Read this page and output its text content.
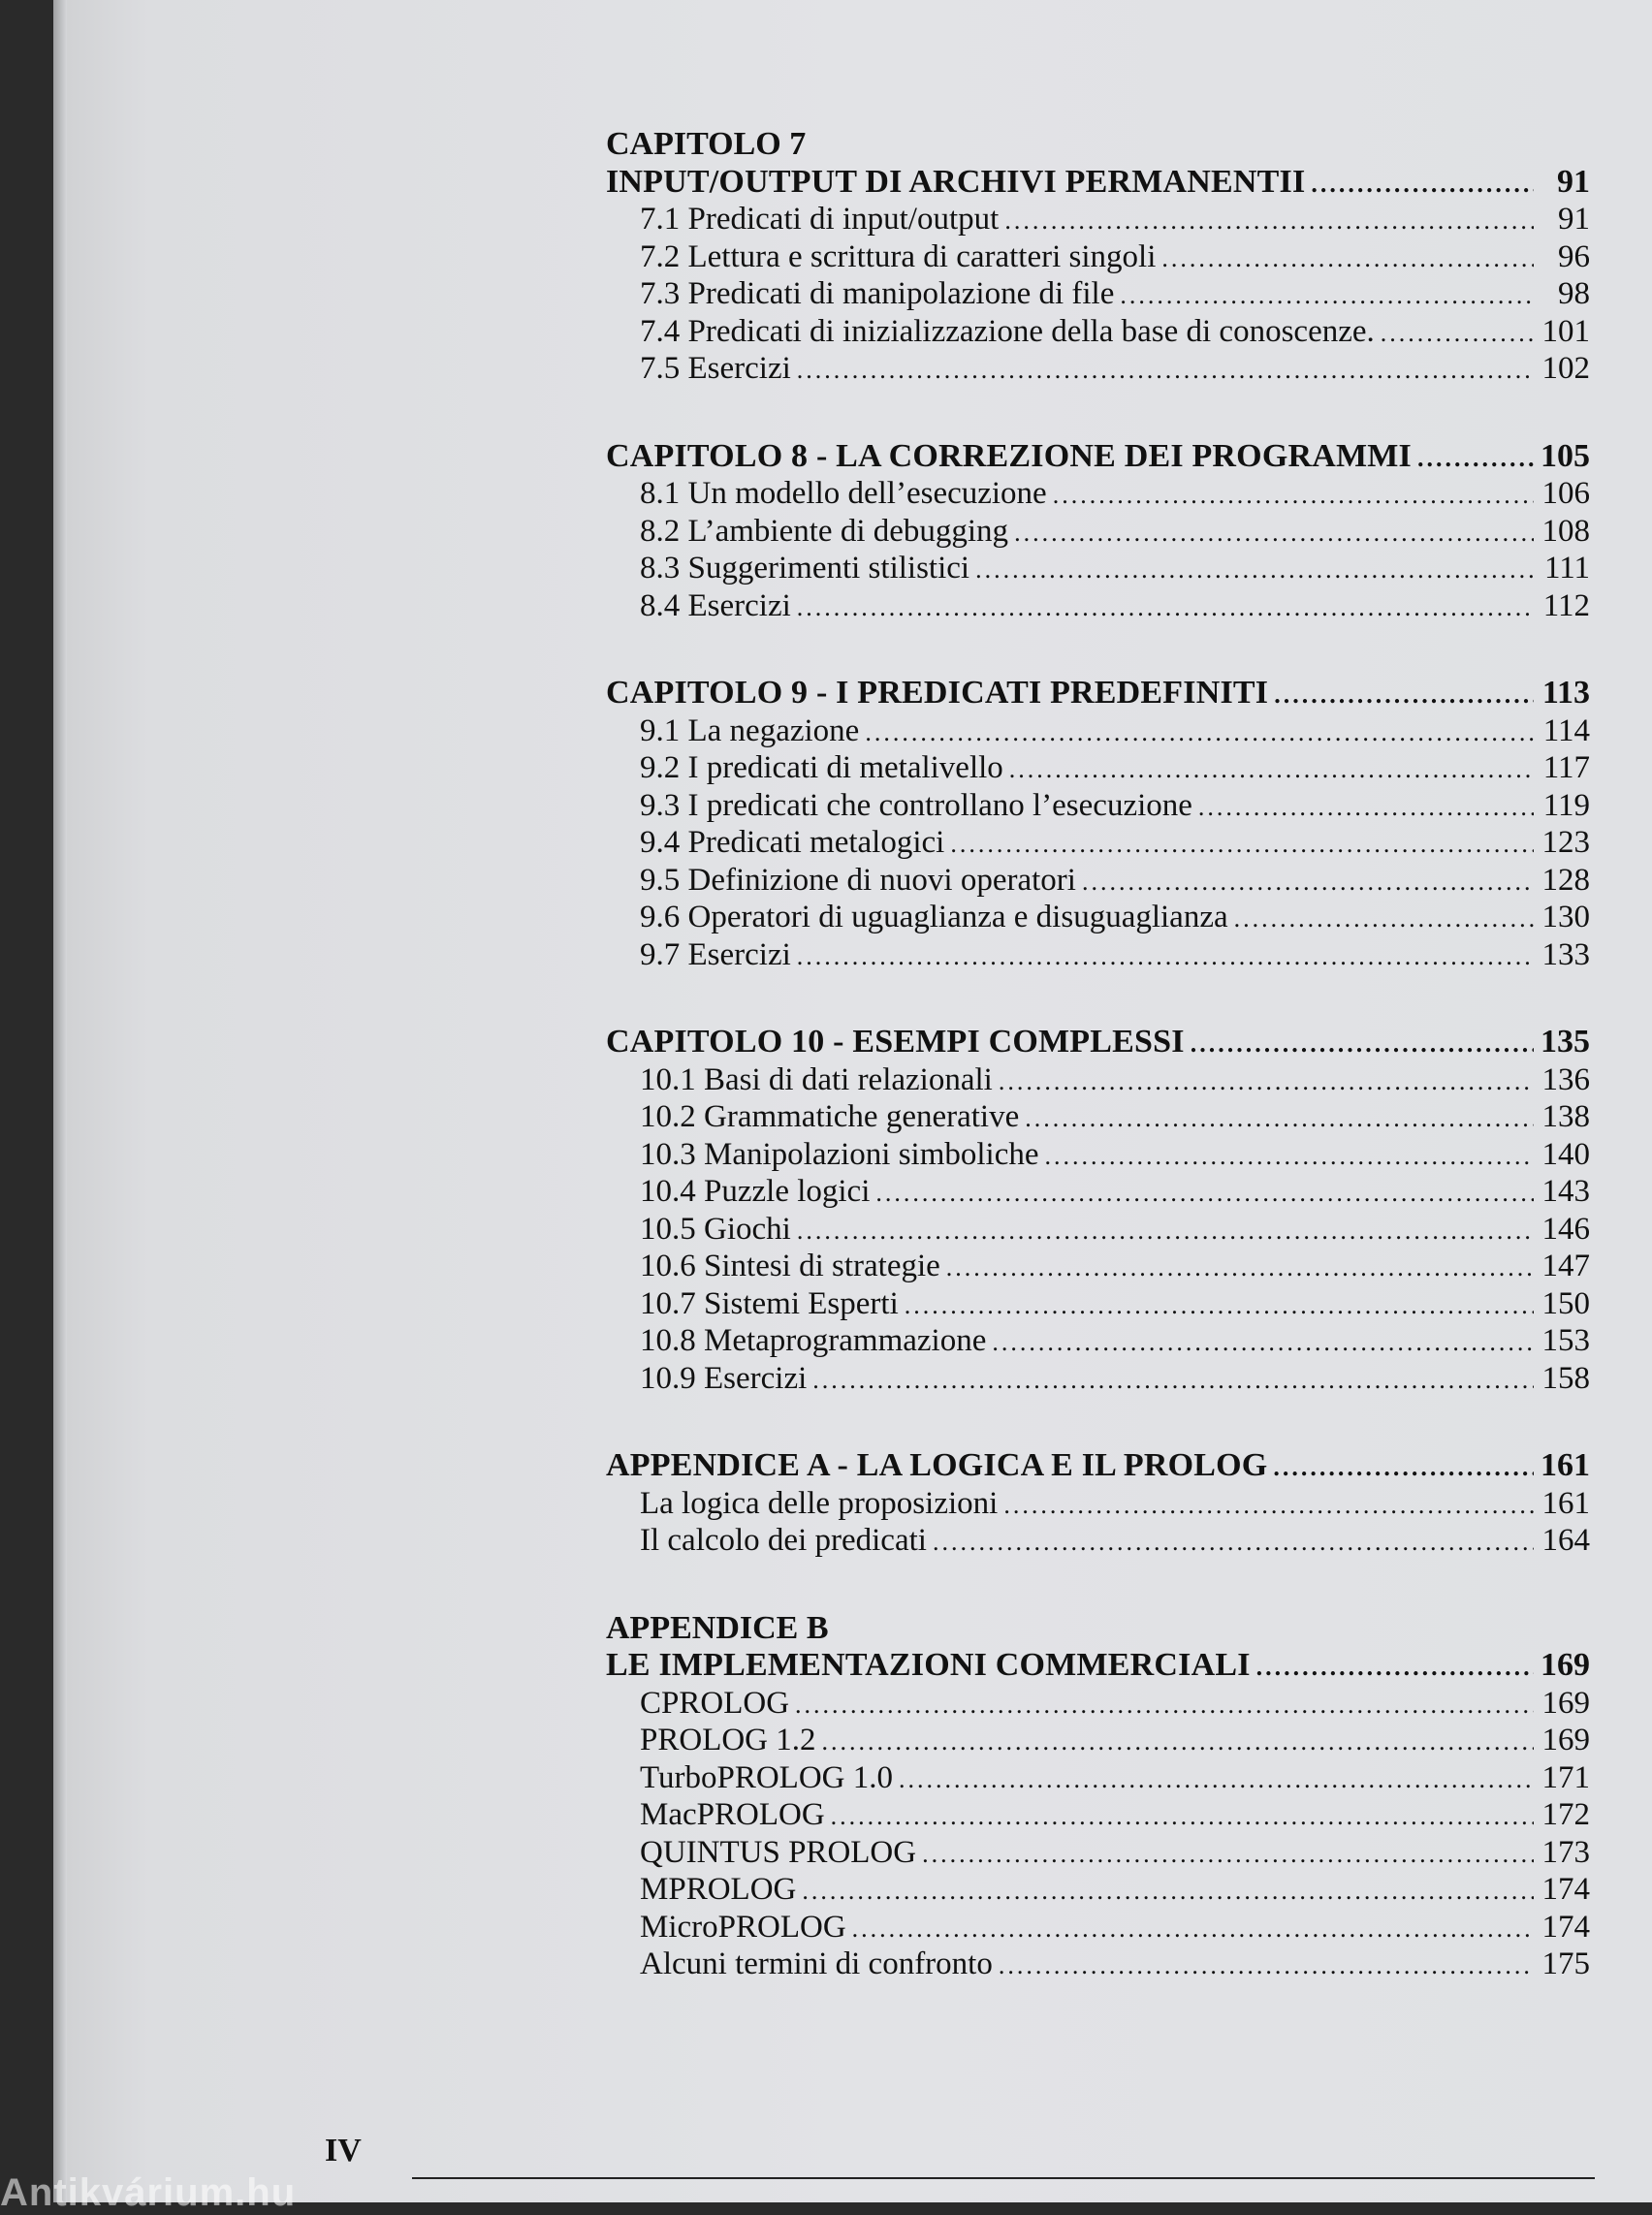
CAPITOLO 7
INPUT/OUTPUT DI ARCHIVI PERMANENTII .....	91
7.1 Predicati di input/output .....	91
7.2 Lettura e scrittura di caratteri singoli .....	96
7.3 Predicati di manipolazione di file .....	98
7.4 Predicati di inizializzazione della base di conoscenze. .....	101
7.5 Esercizi .....	102
CAPITOLO 8 - LA CORREZIONE DEI PROGRAMMI .....	105
8.1 Un modello dell’esecuzione .....	106
8.2 L’ambiente di debugging .....	108
8.3 Suggerimenti stilistici .....	111
8.4 Esercizi .....	112
CAPITOLO 9 - I PREDICATI PREDEFINITI .....	113
9.1 La negazione .....	114
9.2 I predicati di metalivello .....	117
9.3 I predicati che controllano l’esecuzione .....	119
9.4 Predicati metalogici .....	123
9.5 Definizione di nuovi operatori .....	128
9.6 Operatori di uguaglianza e disuguaglianza .....	130
9.7 Esercizi .....	133
CAPITOLO 10 - ESEMPI COMPLESSI .....	135
10.1 Basi di dati relazionali .....	136
10.2 Grammatiche generative .....	138
10.3 Manipolazioni simboliche .....	140
10.4 Puzzle logici .....	143
10.5 Giochi .....	146
10.6 Sintesi di strategie .....	147
10.7 Sistemi Esperti .....	150
10.8 Metaprogrammazione .....	153
10.9 Esercizi .....	158
APPENDICE A - LA LOGICA E IL PROLOG .....	161
La logica delle proposizioni .....	161
Il calcolo dei predicati .....	164
APPENDICE B
LE IMPLEMENTAZIONI COMMERCIALI .....	169
CPROLOG .....	169
PROLOG 1.2 .....	169
TurboPROLOG 1.0 .....	171
MacPROLOG .....	172
QUINTUS PROLOG .....	173
MPROLOG .....	174
MicroPROLOG .....	174
Alcuni termini di confronto .....	175
IV
Antikvárium.hu
